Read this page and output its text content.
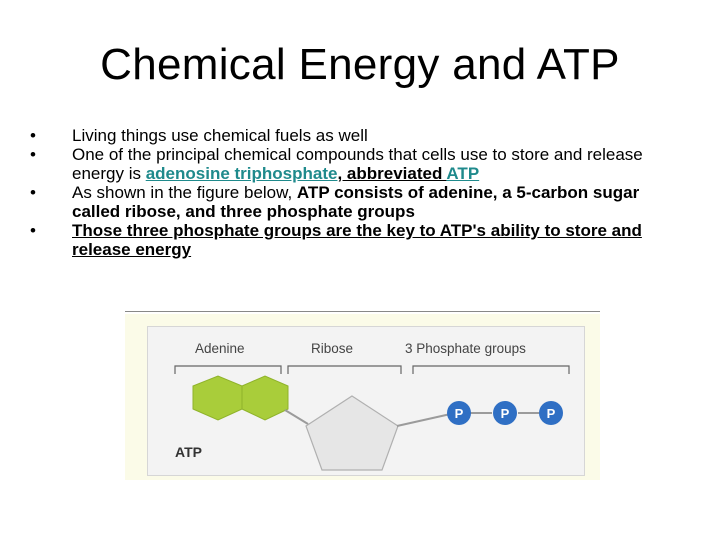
Chemical Energy and ATP
• Living things use chemical fuels as well
• One of the principal chemical compounds that cells use to store and release energy is adenosine triphosphate, abbreviated ATP
• As shown in the figure below, ATP consists of adenine, a 5-carbon sugar called ribose, and three phosphate groups
• Those three phosphate groups are the key to ATP's ability to store and release energy
Adenine	Ribose	3 Phosphate groups
P	P	P
ATP
